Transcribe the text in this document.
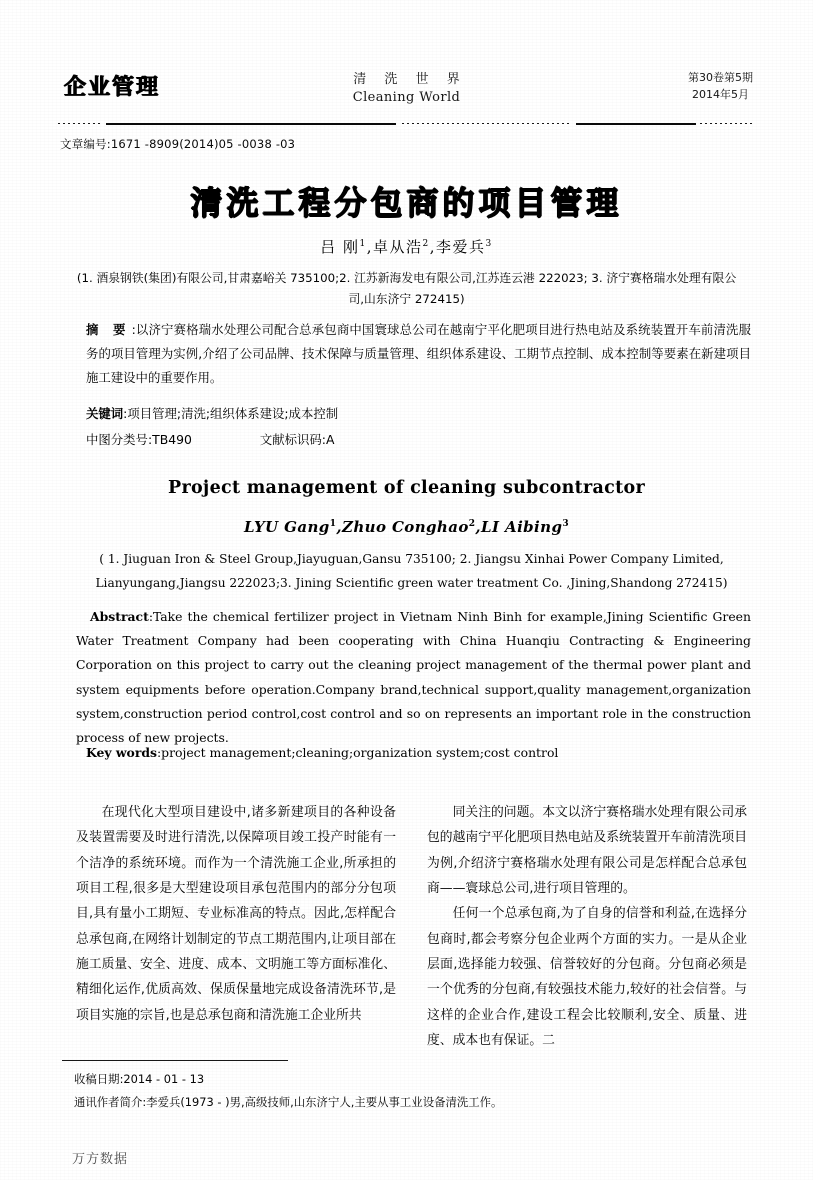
企业管理	清 洗 世 界
Cleaning World
第30卷第5期
2014年5月
文章编号:1671 -8909(2014)05 -0038 -03
清洗工程分包商的项目管理
吕 刚$^1$,卓从浩$^2$,李爱兵$^3$
(1. 酒泉钢铁(集团)有限公司,甘肃嘉峪关 735100;2. 江苏新海发电有限公司,江苏连云港 222023; 3. 济宁赛格瑞水处理有限公司,山东济宁 272415)
摘 要:以济宁赛格瑞水处理公司配合总承包商中国寰球总公司在越南宁平化肥项目进行热电站及系统装置开车前清洗服务的项目管理为实例,介绍了公司品牌、技术保障与质量管理、组织体系建设、工期节点控制、成本控制等要素在新建项目施工建设中的重要作用。
关键词:项目管理;清洗;组织体系建设;成本控制
中图分类号:TB490	文献标识码:A
Project management of cleaning subcontractor
LYU Gang$^1$,Zhuo Conghao$^2$,LI Aibing$^3$
( 1. Jiuguan Iron & Steel Group,Jiayuguan,Gansu 735100; 2. Jiangsu Xinhai Power Company Limited, Lianyungang,Jiangsu 222023;3. Jining Scientific green water treatment Co. ,Jining,Shandong 272415)
Abstract:Take the chemical fertilizer project in Vietnam Ninh Binh for example,Jining Scientific Green Water Treatment Company had been cooperating with China Huanqiu Contracting & Engineering Corporation on this project to carry out the cleaning project management of the thermal power plant and system equipments before operation.Company brand,technical support,quality management,organization system,construction period control,cost control and so on represents an important role in the construction process of new projects.
Key words:project management;cleaning;organization system;cost control

在现代化大型项目建设中,诸多新建项目的各种设备及装置需要及时进行清洗,以保障项目竣工投产时能有一个洁净的系统环境。而作为一个清洗施工企业,所承担的项目工程,很多是大型建设项目承包范围内的部分分包项目,具有量小工期短、专业标准高的特点。因此,怎样配合总承包商,在网络计划制定的节点工期范围内,让项目部在施工质量、安全、进度、成本、文明施工等方面标准化、精细化运作,优质高效、保质保量地完成设备清洗环节,是项目实施的宗旨,也是总承包商和清洗施工企业所共

同关注的问题。本文以济宁赛格瑞水处理有限公司承包的越南宁平化肥项目热电站及系统装置开车前清洗项目为例,介绍济宁赛格瑞水处理有限公司是怎样配合总承包商——寰球总公司,进行项目管理的。

任何一个总承包商,为了自身的信誉和利益,在选择分包商时,都会考察分包企业两个方面的实力。一是从企业层面,选择能力较强、信誉较好的分包商。分包商必须是一个优秀的分包商,有较强技术能力,较好的社会信誉。与这样的企业合作,建设工程会比较顺利,安全、质量、进度、成本也有保证。二

收稿日期:2014 - 01 - 13
通讯作者简介:李爱兵(1973 - )男,高级技师,山东济宁人,主要从事工业设备清洗工作。
万方数据
